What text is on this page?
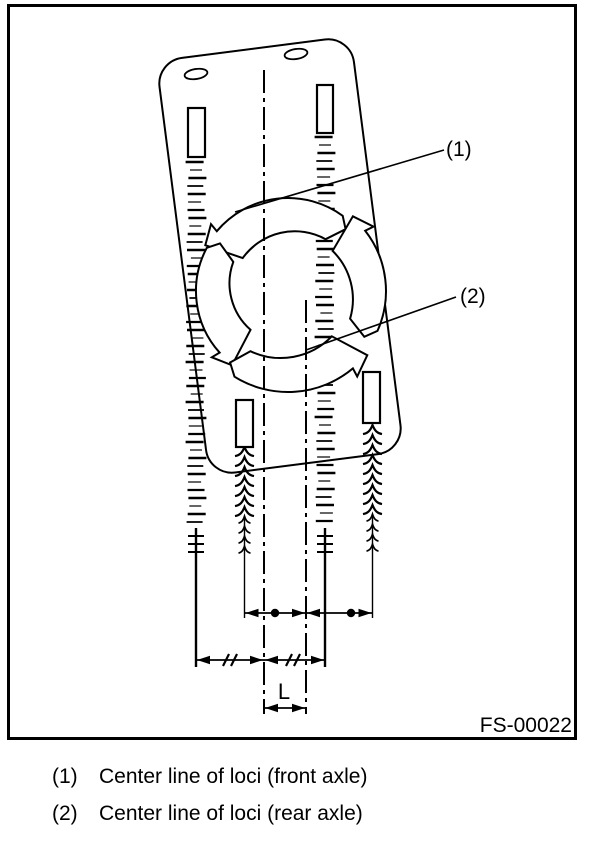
(1)
(2)
L
FS-00022
(1)	Center line of loci (front axle)
(2)	Center line of loci (rear axle)
